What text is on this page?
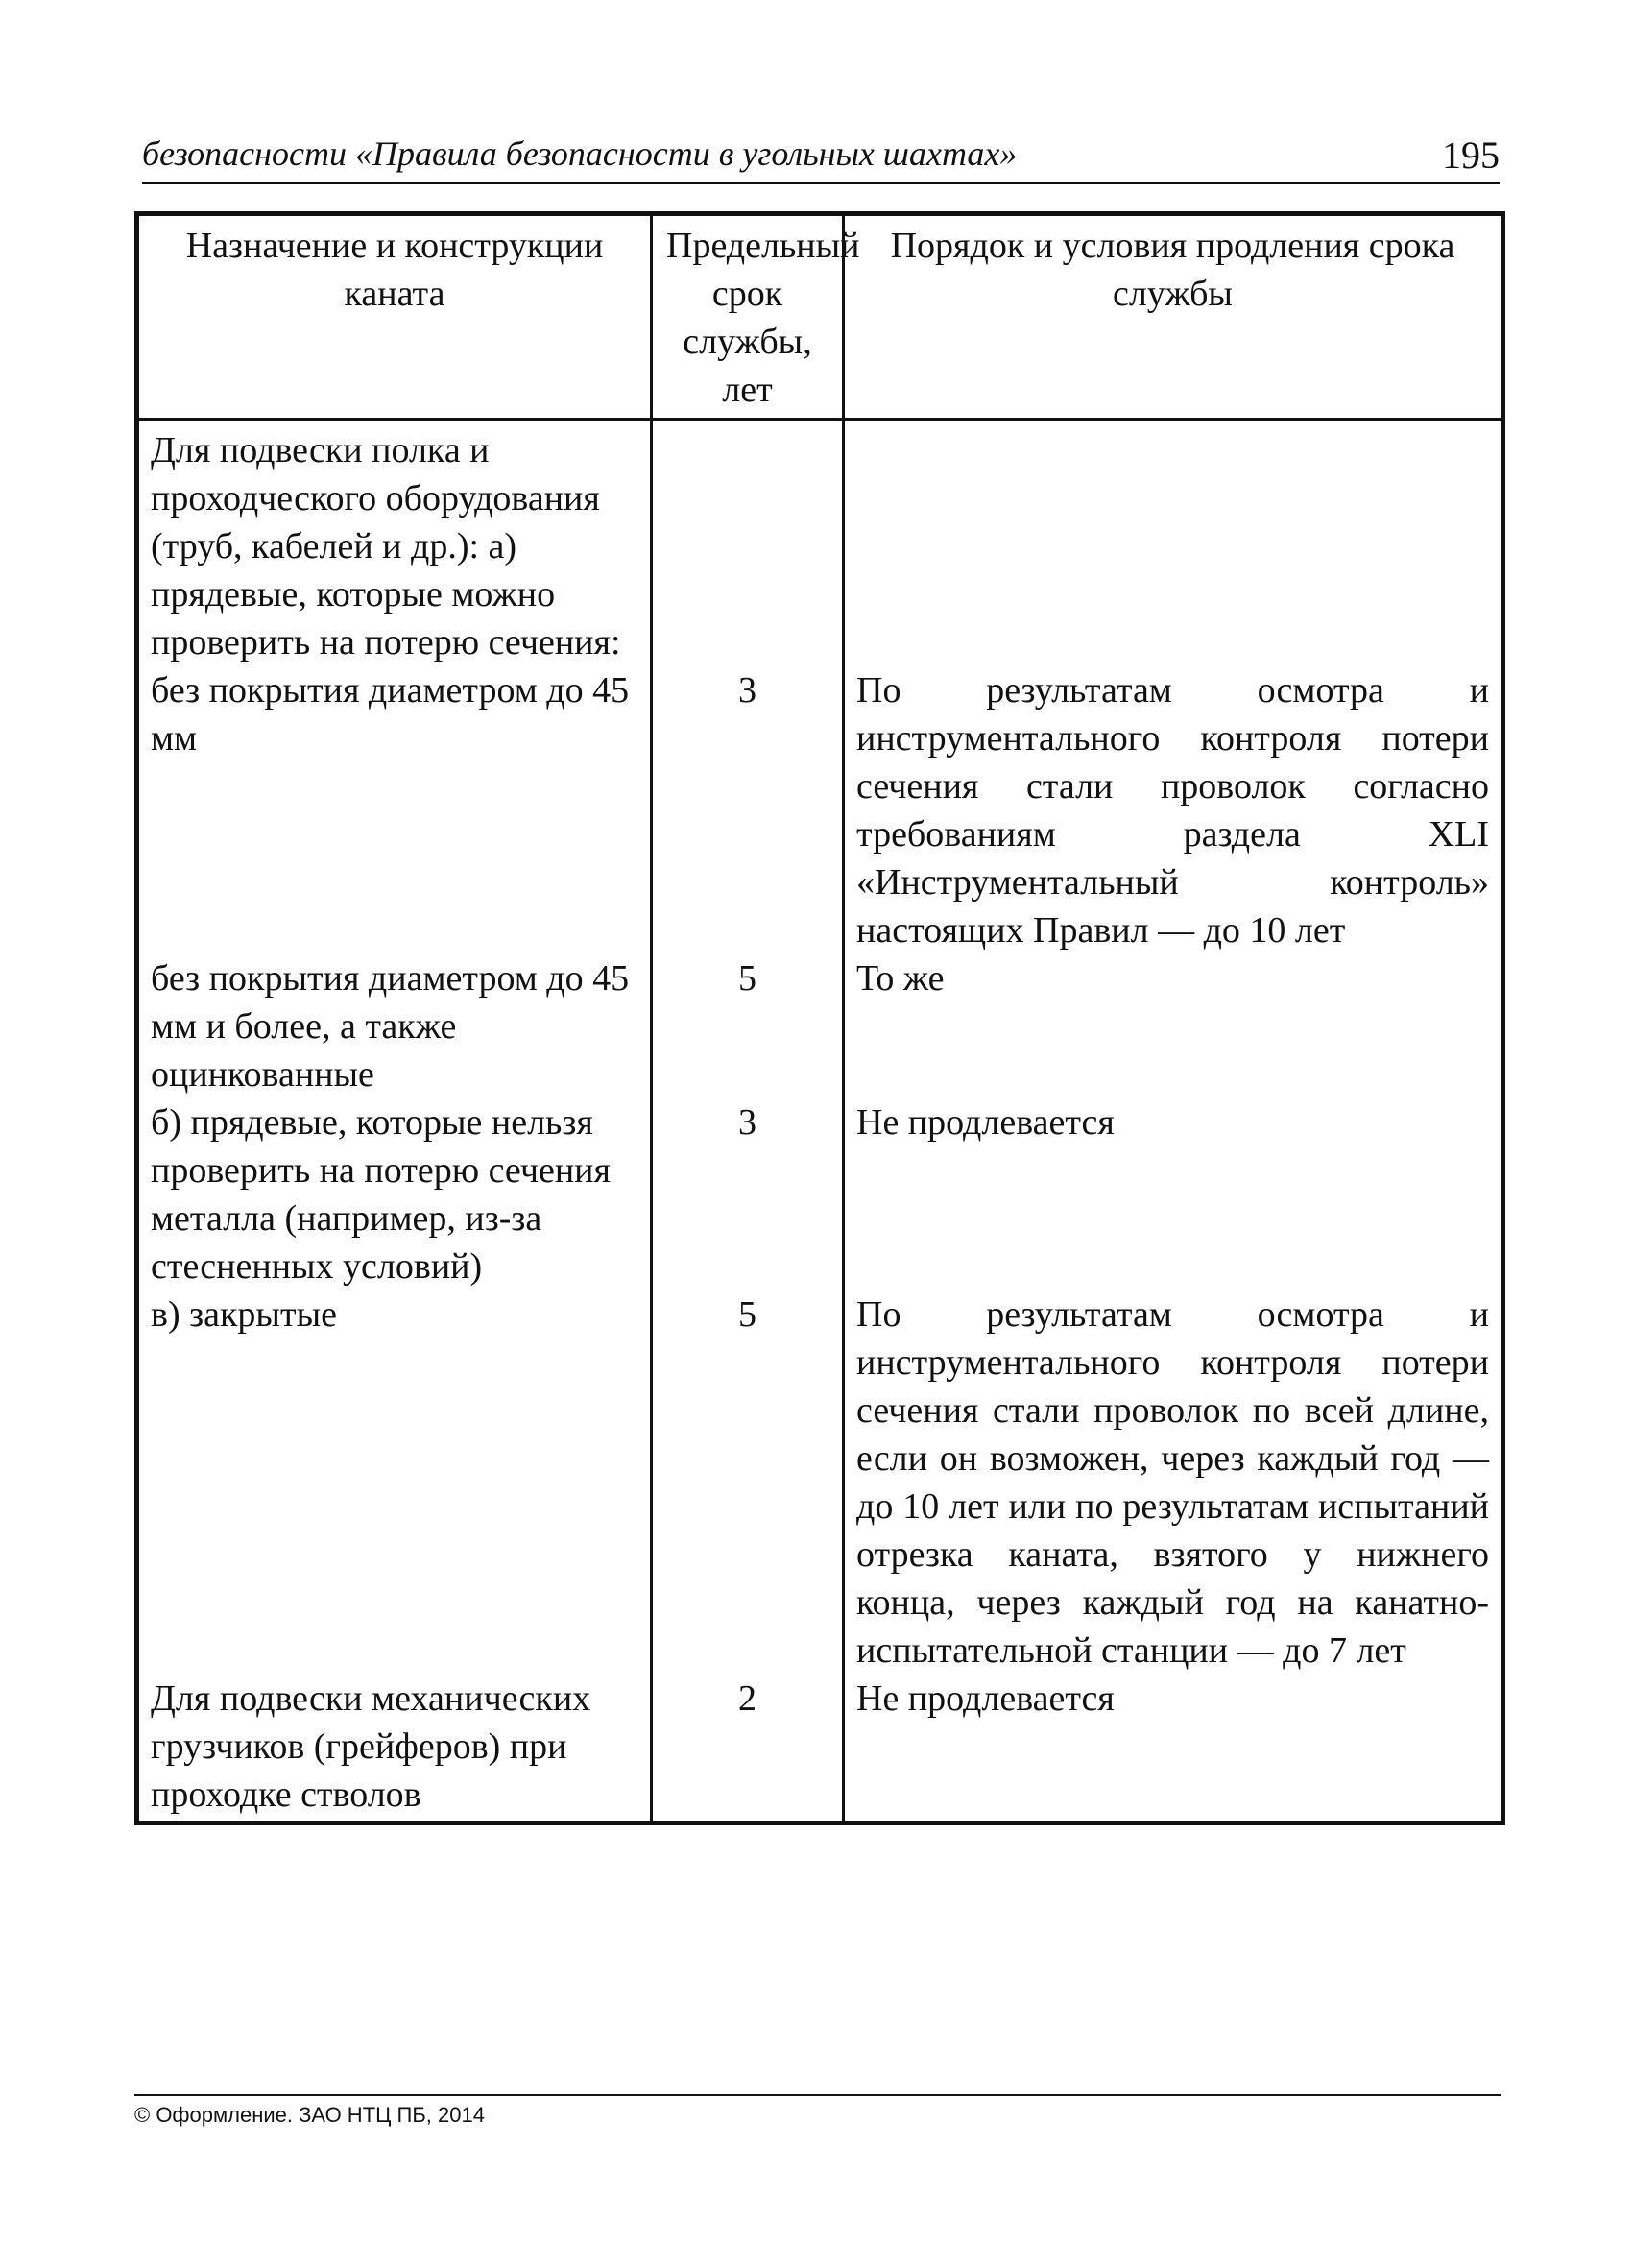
безопасности «Правила безопасности в угольных шахтах»	195
Назначение и конструкции каната	Предельный срок службы, лет	Порядок и условия продления срока службы
Для подвески полка и проходческого оборудования (труб, кабелей и др.): а) прядевые, которые можно проверить на потерю сечения:		
без покрытия диаметром до 45 мм	3	По результатам осмотра и инструментального контроля потери сечения стали проволок согласно требованиям раздела XLI «Инструментальный контроль» настоящих Правил — до 10 лет
без покрытия диаметром до 45 мм и более, а также оцинкованные	5	То же
б) прядевые, которые нельзя проверить на потерю сечения металла (например, из-за стесненных условий)	3	Не продлевается
в) закрытые	5	По результатам осмотра и инструментального контроля потери сечения стали проволок по всей длине, если он возможен, через каждый год — до 10 лет или по результатам испытаний отрезка каната, взятого у нижнего конца, через каждый год на канатно-испытательной станции — до 7 лет
Для подвески механических грузчиков (грейферов) при проходке стволов	2	Не продлевается
© Оформление. ЗАО НТЦ ПБ, 2014
